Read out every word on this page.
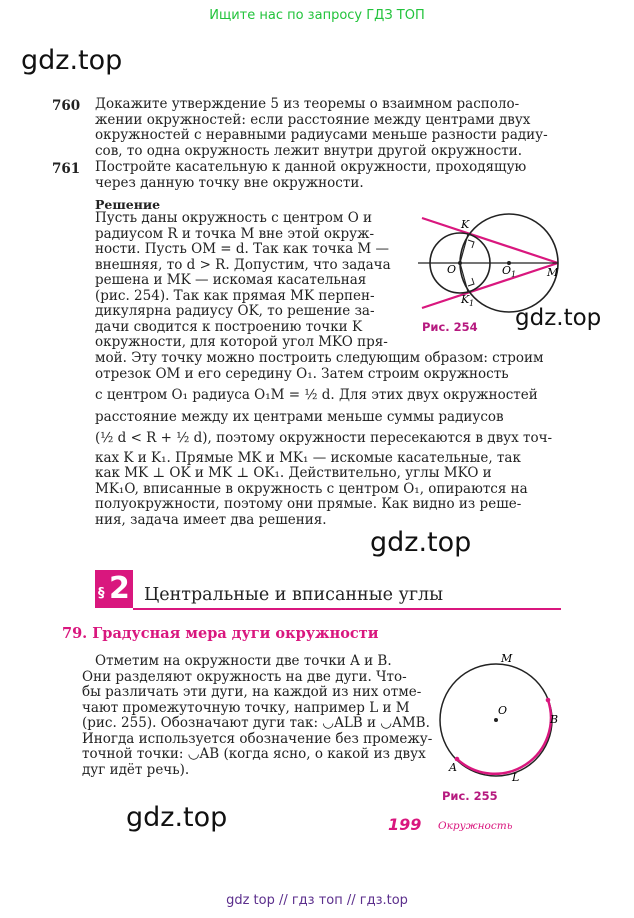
Ищите нас по запросу ГДЗ ТОП
gdz.top
760 Докажите утверждение 5 из теоремы о взаимном располо-
жении окружностей: если расстояние между центрами двух
окружностей с неравными радиусами меньше разности радиу-
сов, то одна окружность лежит внутри другой окружности.
761 Постройте касательную к данной окружности, проходящую
через данную точку вне окружности.
Решение
Пусть даны окружность с центром O и
радиусом R и точка M вне этой окруж-
ности. Пусть OM = d. Так как точка M —
внешняя, то d > R. Допустим, что задача
решена и MK — искомая касательная
(рис. 254). Так как прямая MK перпен-
дикулярна радиусу OK, то решение за-
дачи сводится к построению точки K
окружности, для которой угол MKO пря-
мой. Эту точку можно построить следующим образом: строим
отрезок OM и его середину O₁. Затем строим окружность
с центром O₁ радиуса O₁M = ½ d. Для этих двух окружностей
расстояние между их центрами меньше суммы радиусов
(½ d < R + ½ d), поэтому окружности пересекаются в двух точ-
ках K и K₁. Прямые MK и MK₁ — искомые касательные, так
как MK ⊥ OK и MK ⊥ OK₁. Действительно, углы MKO и
MK₁O, вписанные в окружность с центром O₁, опираются на
полуокружности, поэтому они прямые. Как видно из реше-
ния, задача имеет два решения.
K
K 1
O	O 1	M
Рис. 254 gdz.top
gdz.top
§ 2 Центральные и вписанные углы
79. Градусная мера дуги окружности
Отметим на окружности две точки A и B.
Они разделяют окружность на две дуги. Что-
бы различать эти дуги, на каждой из них отме-
чают промежуточную точку, например L и M
(рис. 255). Обозначают дуги так: ◡ALB и ◡AMB.
Иногда используется обозначение без промежу-
точной точки: ◡AB (когда ясно, о какой из двух
дуг идёт речь).
M
O
B
A
L
Рис. 255
gdz.top	199 Окружность
gdz top // гдз топ // гдз.top
